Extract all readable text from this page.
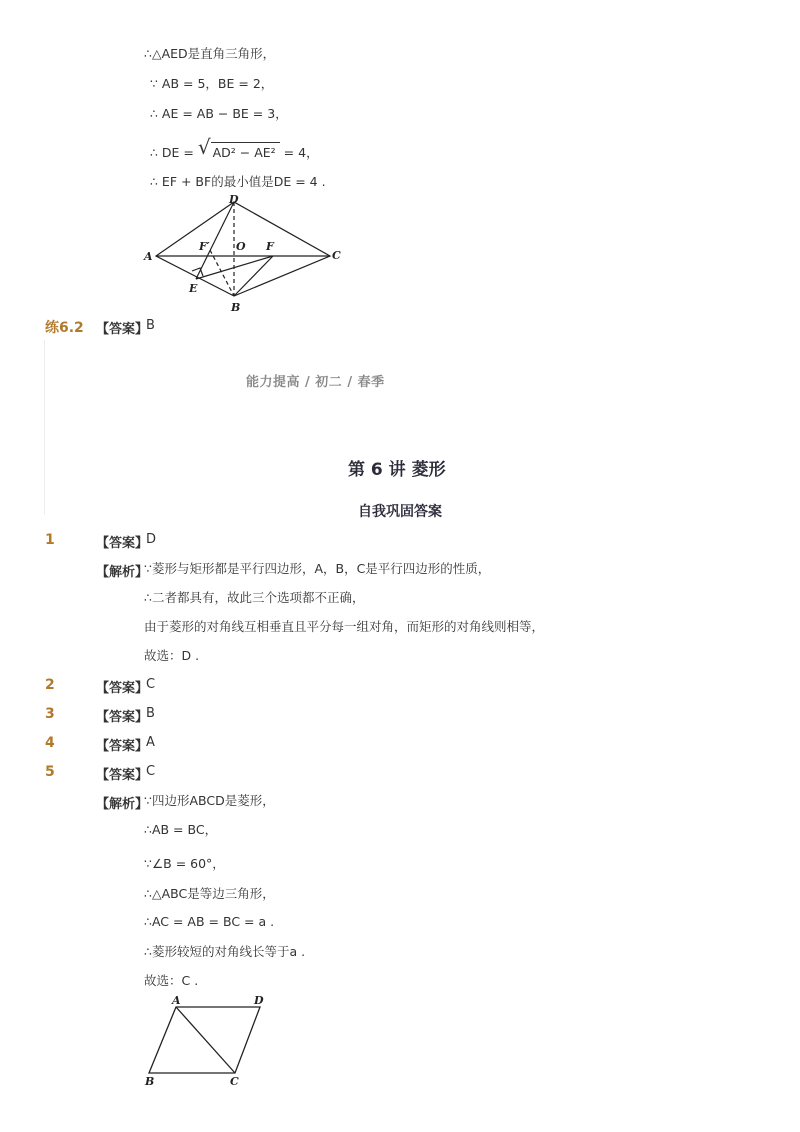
∴△AED是直角三角形，
∵ AB = 5，BE = 2，
∴ AE = AB − BE = 3，
∴ DE = √ AD² − AE² = 4，
∴ EF + BF的最小值是DE = 4 .
D
A	C
B
E
F′ O F
练6.2 【答案】
B
能力提高 / 初二 / 春季
第 6 讲 菱形
自我巩固答案
1	【答案】
D
【解析】
∵菱形与矩形都是平行四边形，A，B，C是平行四边形的性质，
∴二者都具有，故此三个选项都不正确，
由于菱形的对角线互相垂直且平分每一组对角，而矩形的对角线则相等，
故选：D .
2	【答案】
C
3	【答案】
B
4	【答案】
A
5	【答案】
C
【解析】
∵四边形ABCD是菱形，
∴AB = BC，
∵∠B = 60°，
∴△ABC是等边三角形，
∴AC = AB = BC = a .
∴菱形较短的对角线长等于a .
故选：C .
A	D
B	C
